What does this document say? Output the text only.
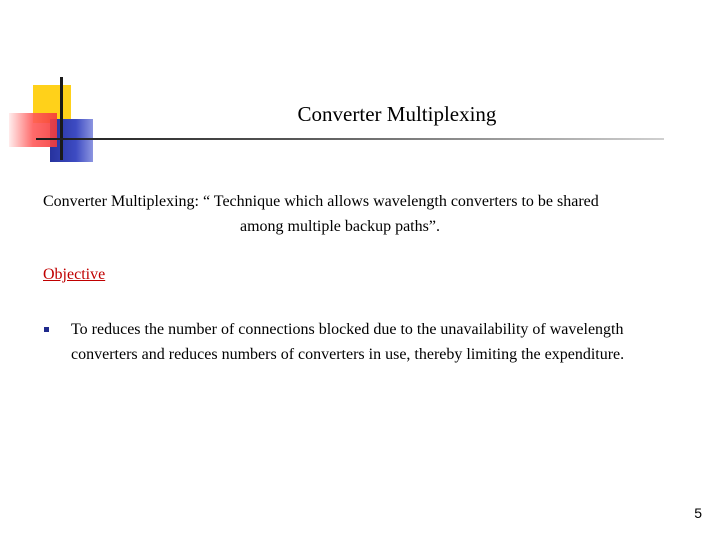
Converter Multiplexing
Converter Multiplexing: “ Technique which allows wavelength converters to be shared
among multiple backup paths”.
Objective
To reduces the number of connections blocked due to the unavailability of wavelength
converters and reduces numbers of converters in use, thereby limiting the expenditure.
5
